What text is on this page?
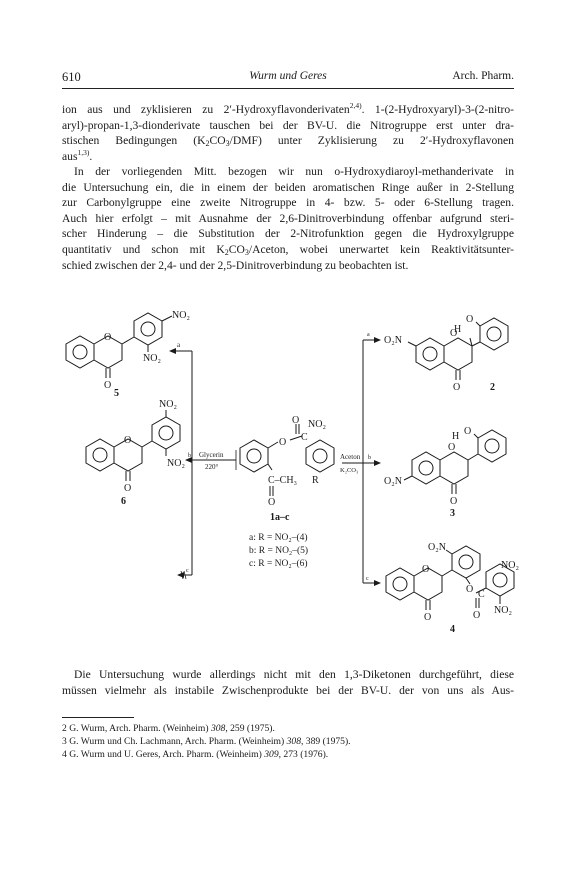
610	Wurm und Geres	Arch. Pharm.
ion aus und zyklisieren zu 2′-Hydroxyflavonderivaten$^{2,4)}$. 1-(2-Hydroxyaryl)-3-(2-nitro-
aryl)-propan-1,3-dionderivate tauschen bei der BV-U. die Nitrogruppe erst unter dra-
stischen Bedingungen $(K_2CO_3/DMF)$ unter Zyklisierung zu 2′-Hydroxyflavonen
aus$^{1,3)}$.
In der vorliegenden Mitt. bezogen wir nun o-Hydroxydiaroyl-methanderivate in
die Untersuchung ein, die in einem der beiden aromatischen Ringe außer in 2-Stellung
zur Carbonylgruppe eine zweite Nitrogruppe in 4- bzw. 5- oder 6-Stellung tragen.
Auch hier erfolgt – mit Ausnahme der 2,6-Dinitroverbindung offenbar aufgrund steri-
scher Hinderung – die Substitution der 2-Nitrofunktion gegen die Hydroxylgruppe
quantitativ und schon mit $K_2CO_3$/Aceton, wobei unerwartet kein Reaktivitätsunter-
schied zwischen der 2,4- und der 2,5-Dinitroverbindung zu beobachten ist.
O
O
NO₂
NO₂
5
a
O
O
NO₂
NO₂
6
b Glycerin
220°
c
O NO₂
O C
C–CH₃ R
O
1a–c
a: R = NO₂–(4)
b: R = NO₂–(5)
c: R = NO₂–(6)
a
Aceton
K₂CO₃
b
c
O
H
O
O₂N
O	2
O
H O
O₂N
O
3
O
O₂N
NO₂
O C
O NO₂
O
4
Die Untersuchung wurde allerdings nicht mit den 1,3-Diketonen durchgeführt, diese
müssen vielmehr als instabile Zwischenprodukte bei der BV-U. der von uns als Aus-
2 G. Wurm, Arch. Pharm. (Weinheim) 308, 259 (1975).
3 G. Wurm und Ch. Lachmann, Arch. Pharm. (Weinheim) 308, 389 (1975).
4 G. Wurm und U. Geres, Arch. Pharm. (Weinheim) 309, 273 (1976).
